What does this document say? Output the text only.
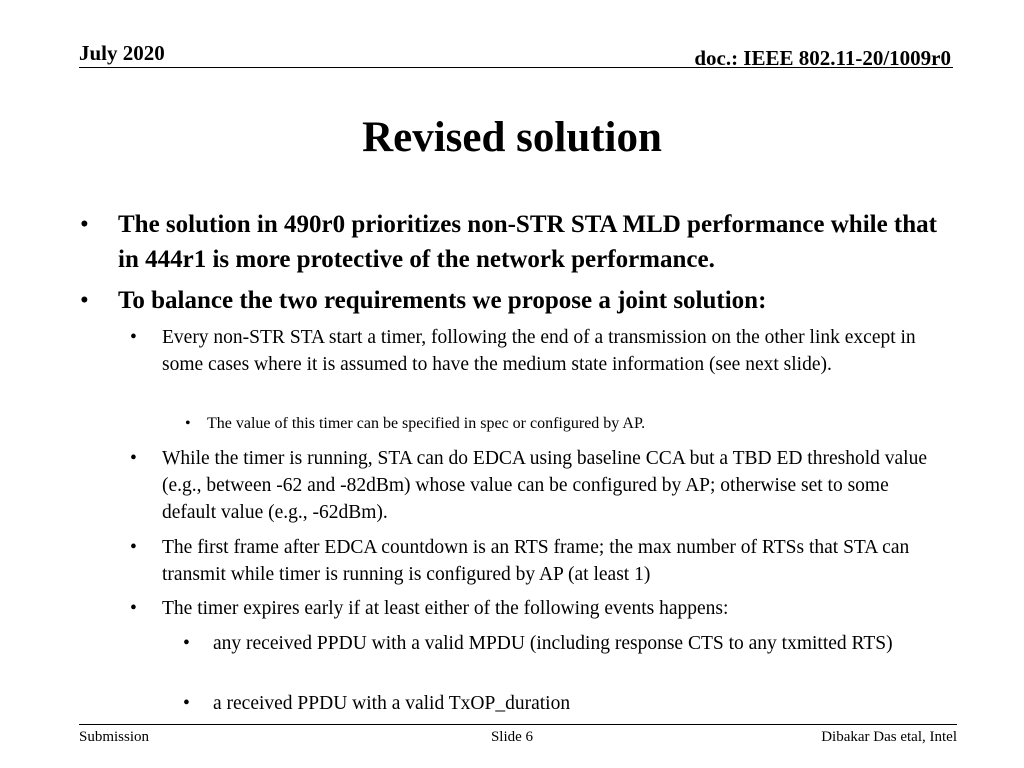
July 2020	doc.: IEEE 802.11-20/1009r0
Revised solution
• The solution in 490r0 prioritizes non-STR STA MLD performance while that in 444r1 is more protective of the network performance.
• To balance the two requirements we propose a joint solution:
• Every non-STR STA start a timer, following the end of a transmission on the other link except in some cases where it is assumed to have the medium state information (see next slide).
• The value of this timer can be specified in spec or configured by AP.
• While the timer is running, STA can do EDCA using baseline CCA but a TBD ED threshold value (e.g., between -62 and -82dBm) whose value can be configured by AP; otherwise set to some default value (e.g., -62dBm).
• The first frame after EDCA countdown is an RTS frame; the max number of RTSs that STA can transmit while timer is running is configured by AP (at least 1)
• The timer expires early if at least either of the following events happens:
• any received PPDU with a valid MPDU (including response CTS to any txmitted RTS)
• a received PPDU with a valid TxOP_duration
Submission	Slide 6	Dibakar Das etal, Intel
